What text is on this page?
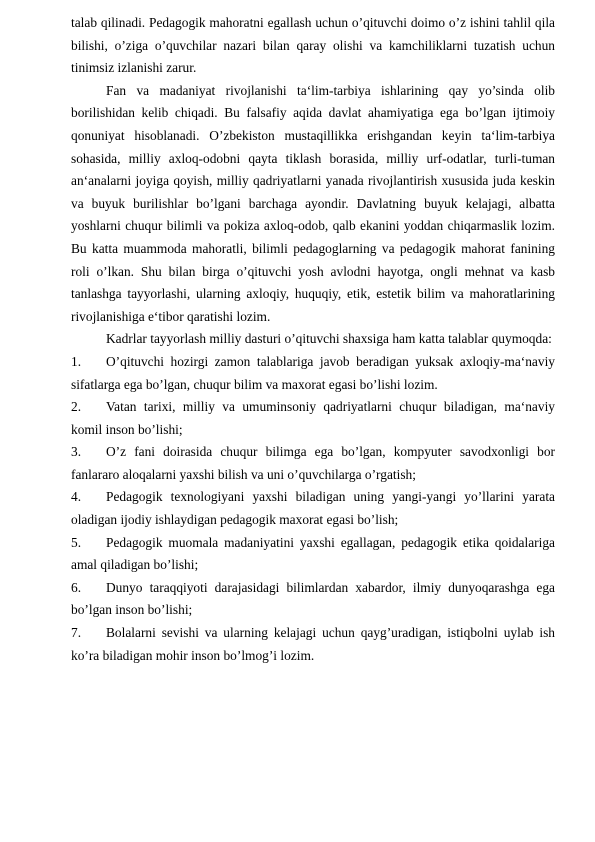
talab qilinadi. Pedagogik mahoratni egallash uchun o’qituvchi doimo o’z ishini tahlil qila bilishi, o’ziga o’quvchilar nazari bilan qaray olishi va kamchiliklarni tuzatish uchun tinimsiz izlanishi zarur.

Fan va madaniyat rivojlanishi ta‘lim-tarbiya ishlarining qay yo’sinda olib borilishidan kelib chiqadi. Bu falsafiy aqida davlat ahamiyatiga ega bo’lgan ijtimoiy qonuniyat hisoblanadi. O’zbekiston mustaqillikka erishgandan keyin ta‘lim-tarbiya sohasida, milliy axloq-odobni qayta tiklash borasida, milliy urf-odatlar, turli-tuman an‘analarni joyiga qoyish, milliy qadriyatlarni yanada rivojlantirish xususida juda keskin va buyuk burilishlar bo’lgani barchaga ayondir. Davlatning buyuk kelajagi, albatta yoshlarni chuqur bilimli va pokiza axloq-odob, qalb ekanini yoddan chiqarmaslik lozim. Bu katta muammoda mahoratli, bilimli pedagoglarning va pedagogik mahorat fanining roli o’lkan. Shu bilan birga o’qituvchi yosh avlodni hayotga, ongli mehnat va kasb tanlashga tayyorlashi, ularning axloqiy, huquqiy, etik, estetik bilim va mahoratlarining rivojlanishiga e‘tibor qaratishi lozim.

Kadrlar tayyorlash milliy dasturi o’qituvchi shaxsiga ham katta talablar quymoqda:

1. O’qituvchi hozirgi zamon talablariga javob beradigan yuksak axloqiy-ma‘naviy sifatlarga ega bo’lgan, chuqur bilim va maxorat egasi bo’lishi lozim.

2. Vatan tarixi, milliy va umuminsoniy qadriyatlarni chuqur biladigan, ma‘naviy komil inson bo’lishi;

3. O’z fani doirasida chuqur bilimga ega bo’lgan, kompyuter savodxonligi bor fanlararo aloqalarni yaxshi bilish va uni o’quvchilarga o’rgatish;

4. Pedagogik texnologiyani yaxshi biladigan uning yangi-yangi yo’llarini yarata oladigan ijodiy ishlaydigan pedagogik maxorat egasi bo’lish;

5. Pedagogik muomala madaniyatini yaxshi egallagan, pedagogik etika qoidalariga amal qiladigan bo’lishi;

6. Dunyo taraqqiyoti darajasidagi bilimlardan xabardor, ilmiy dunyoqarashga ega bo’lgan inson bo’lishi;

7. Bolalarni sevishi va ularning kelajagi uchun qayg’uradigan, istiqbolni uylab ish ko’ra biladigan mohir inson bo’lmog’i lozim.
